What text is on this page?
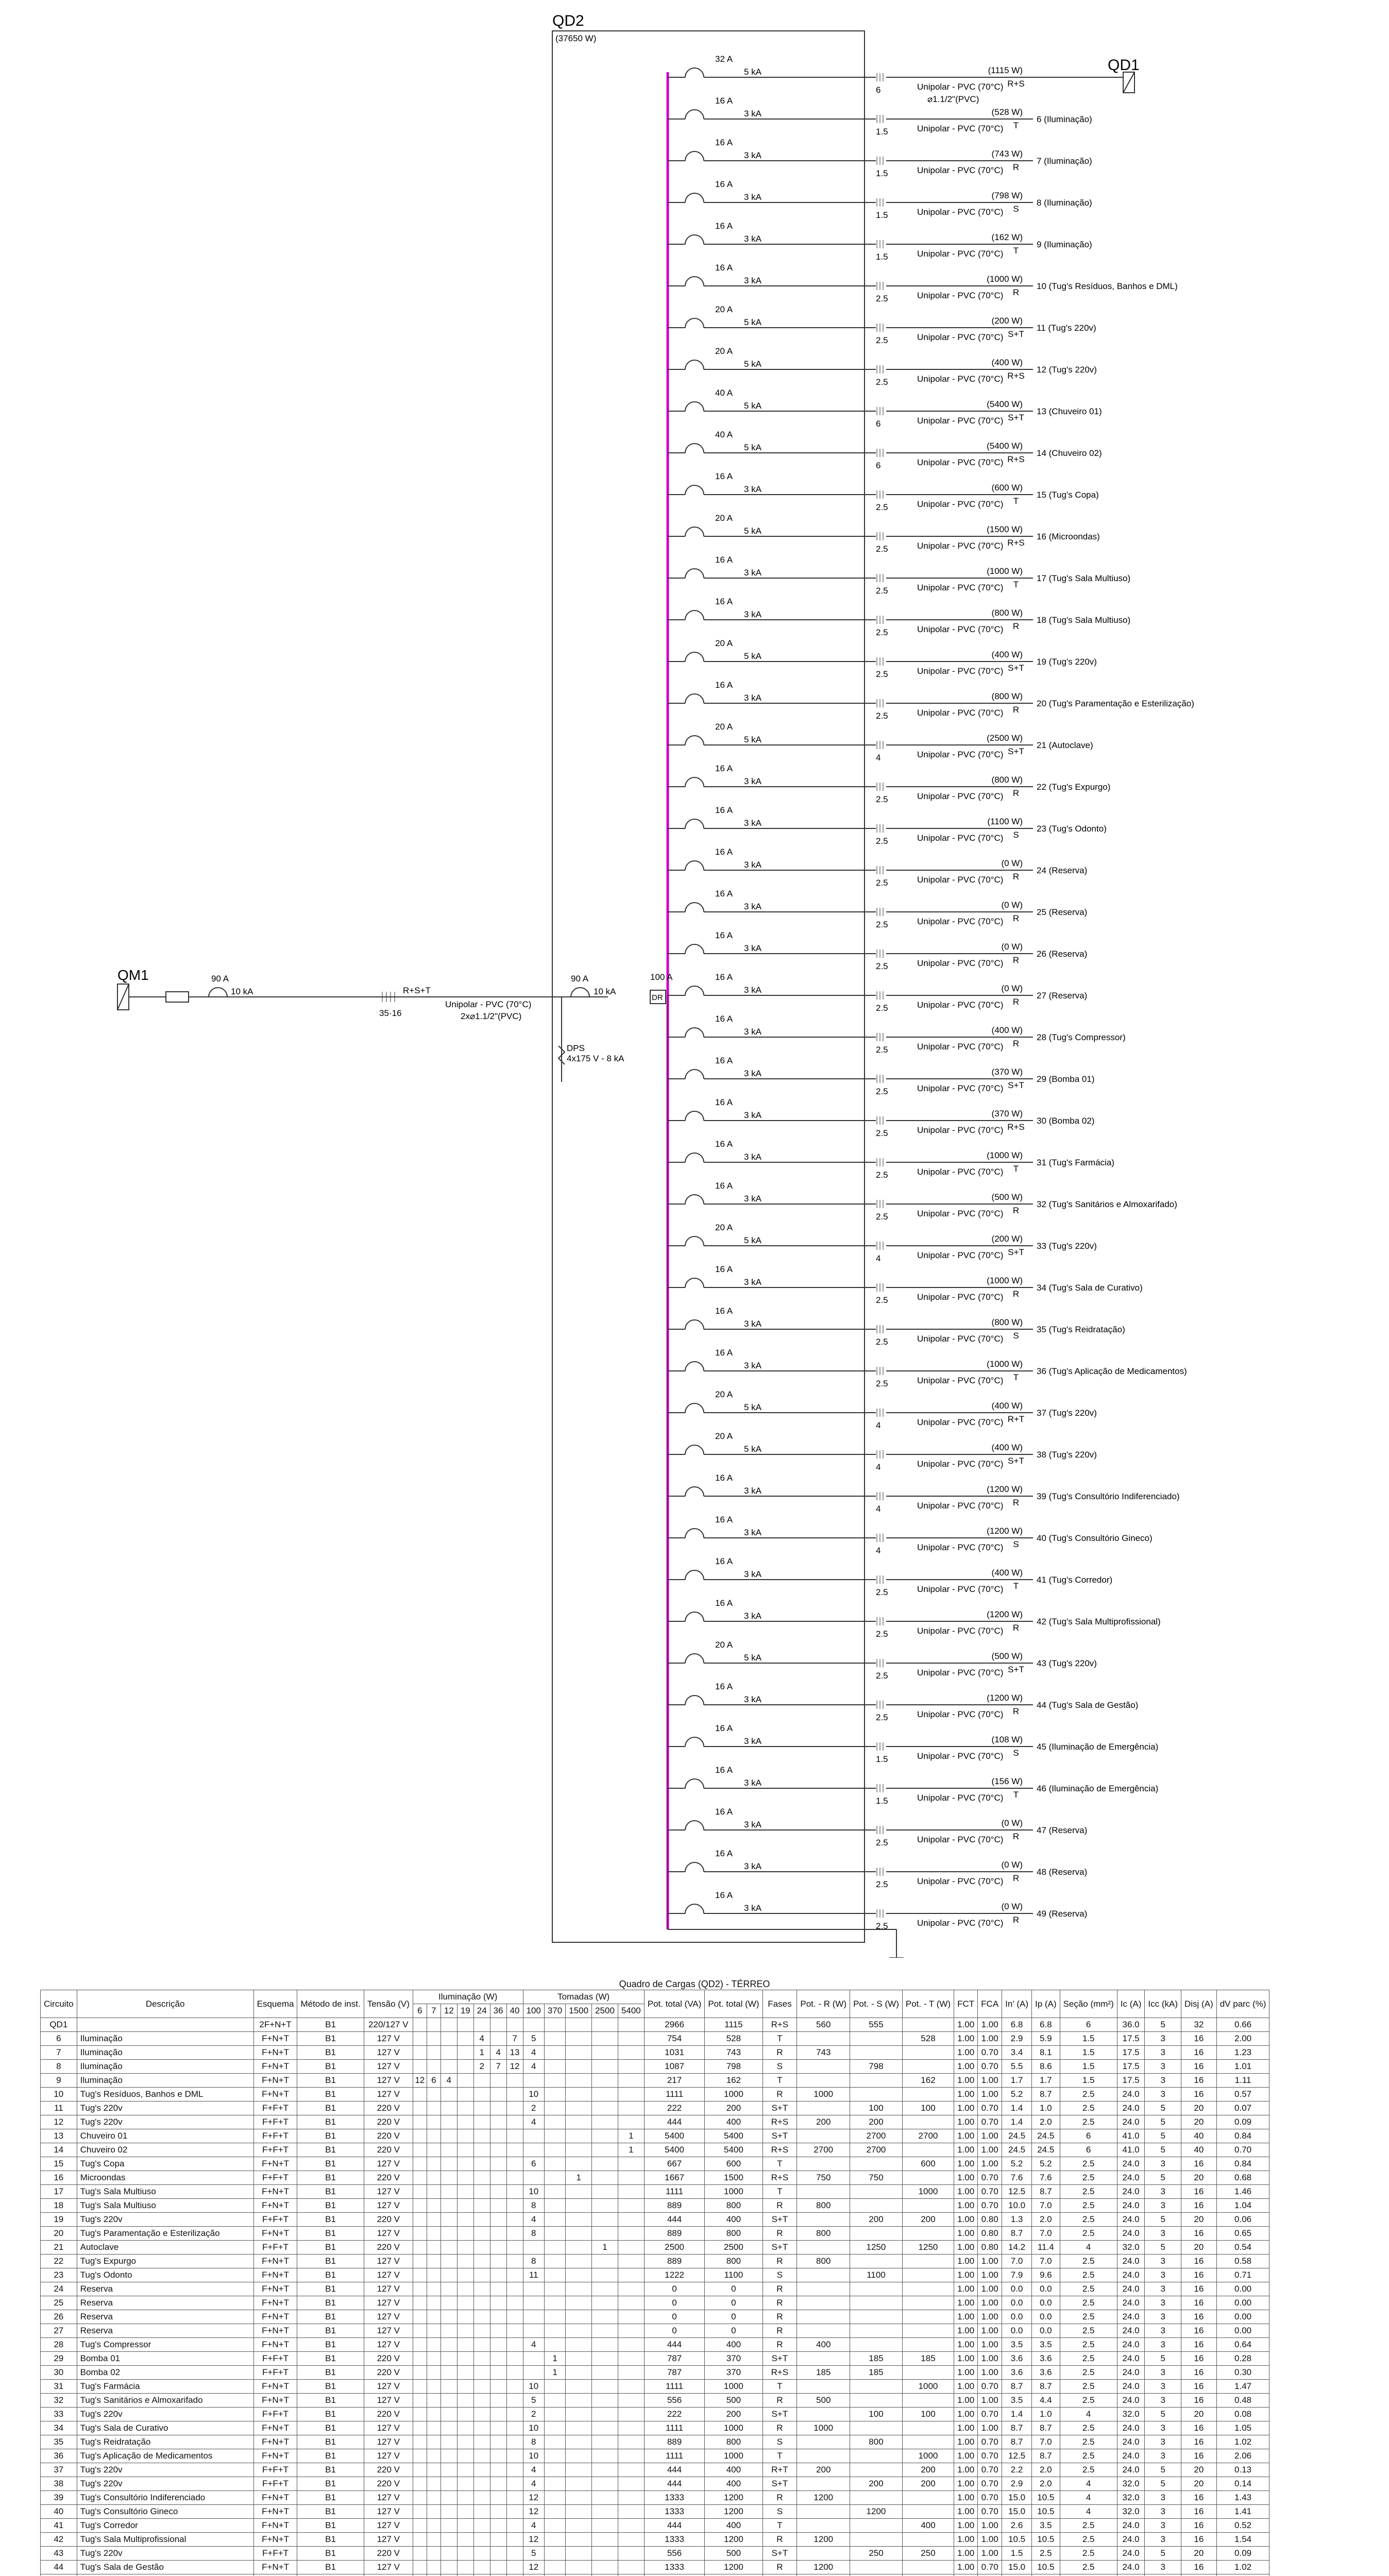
QD2
(37650 W)
QM1	90 A
10 kA	R+S+T
35·16
Unipolar - PVC (70°C)
2x⌀1.1/2"(PVC)
90 A
10 kA
DR
100 A
DPS
4x175 V - 8 kA
QD1
⌀1.1/2"(PVC)
32 A
5 kA
6	Unipolar - PVC (70°C)
(1115 W)
R+S
16 A
3 kA
1.5	Unipolar - PVC (70°C)
(528 W)
T
6 (Iluminação)
16 A
3 kA
1.5	Unipolar - PVC (70°C)
(743 W)
R
7 (Iluminação)
16 A
3 kA
1.5	Unipolar - PVC (70°C)
(798 W)
S
8 (Iluminação)
16 A
3 kA
1.5	Unipolar - PVC (70°C)
(162 W)
T
9 (Iluminação)
16 A
3 kA
2.5	Unipolar - PVC (70°C)
(1000 W)
R
10 (Tug's Resíduos, Banhos e DML)
20 A
5 kA
2.5	Unipolar - PVC (70°C)
(200 W)
S+T
11 (Tug's 220v)
20 A
5 kA
2.5	Unipolar - PVC (70°C)
(400 W)
R+S
12 (Tug's 220v)
40 A
5 kA
6	Unipolar - PVC (70°C)
(5400 W)
S+T
13 (Chuveiro 01)
40 A
5 kA
6	Unipolar - PVC (70°C)
(5400 W)
R+S
14 (Chuveiro 02)
16 A
3 kA
2.5	Unipolar - PVC (70°C)
(600 W)
T
15 (Tug's Copa)
20 A
5 kA
2.5	Unipolar - PVC (70°C)
(1500 W)
R+S
16 (Microondas)
16 A
3 kA
2.5	Unipolar - PVC (70°C)
(1000 W)
T
17 (Tug's Sala Multiuso)
16 A
3 kA
2.5	Unipolar - PVC (70°C)
(800 W)
R
18 (Tug's Sala Multiuso)
20 A
5 kA
2.5	Unipolar - PVC (70°C)
(400 W)
S+T
19 (Tug's 220v)
16 A
3 kA
2.5	Unipolar - PVC (70°C)
(800 W)
R
20 (Tug's Paramentação e Esterilização)
20 A
5 kA
4	Unipolar - PVC (70°C)
(2500 W)
S+T
21 (Autoclave)
16 A
3 kA
2.5	Unipolar - PVC (70°C)
(800 W)
R
22 (Tug's Expurgo)
16 A
3 kA
2.5	Unipolar - PVC (70°C)
(1100 W)
S
23 (Tug's Odonto)
16 A
3 kA
2.5	Unipolar - PVC (70°C)
(0 W)
R
24 (Reserva)
16 A
3 kA
2.5	Unipolar - PVC (70°C)
(0 W)
R
25 (Reserva)
16 A
3 kA
2.5	Unipolar - PVC (70°C)
(0 W)
R
26 (Reserva)
16 A
3 kA
2.5	Unipolar - PVC (70°C)
(0 W)
R
27 (Reserva)
16 A
3 kA
2.5	Unipolar - PVC (70°C)
(400 W)
R
28 (Tug's Compressor)
16 A
3 kA
2.5	Unipolar - PVC (70°C)
(370 W)
S+T
29 (Bomba 01)
16 A
3 kA
2.5	Unipolar - PVC (70°C)
(370 W)
R+S
30 (Bomba 02)
16 A
3 kA
2.5	Unipolar - PVC (70°C)
(1000 W)
T
31 (Tug's Farmácia)
16 A
3 kA
2.5	Unipolar - PVC (70°C)
(500 W)
R
32 (Tug's Sanitários e Almoxarifado)
20 A
5 kA
4	Unipolar - PVC (70°C)
(200 W)
S+T
33 (Tug's 220v)
16 A
3 kA
2.5	Unipolar - PVC (70°C)
(1000 W)
R
34 (Tug's Sala de Curativo)
16 A
3 kA
2.5	Unipolar - PVC (70°C)
(800 W)
S
35 (Tug's Reidratação)
16 A
3 kA
2.5	Unipolar - PVC (70°C)
(1000 W)
T
36 (Tug's Aplicação de Medicamentos)
20 A
5 kA
4	Unipolar - PVC (70°C)
(400 W)
R+T
37 (Tug's 220v)
20 A
5 kA
4	Unipolar - PVC (70°C)
(400 W)
S+T
38 (Tug's 220v)
16 A
3 kA
4	Unipolar - PVC (70°C)
(1200 W)
R
39 (Tug's Consultório Indiferenciado)
16 A
3 kA
4	Unipolar - PVC (70°C)
(1200 W)
S
40 (Tug's Consultório Gineco)
16 A
3 kA
2.5	Unipolar - PVC (70°C)
(400 W)
T
41 (Tug's Corredor)
16 A
3 kA
2.5	Unipolar - PVC (70°C)
(1200 W)
R
42 (Tug's Sala Multiprofissional)
20 A
5 kA
2.5	Unipolar - PVC (70°C)
(500 W)
S+T
43 (Tug's 220v)
16 A
3 kA
2.5	Unipolar - PVC (70°C)
(1200 W)
R
44 (Tug's Sala de Gestão)
16 A
3 kA
1.5	Unipolar - PVC (70°C)
(108 W)
S
45 (Iluminação de Emergência)
16 A
3 kA
1.5	Unipolar - PVC (70°C)
(156 W)
T
46 (Iluminação de Emergência)
16 A
3 kA
2.5	Unipolar - PVC (70°C)
(0 W)
R
47 (Reserva)
16 A
3 kA
2.5	Unipolar - PVC (70°C)
(0 W)
R
48 (Reserva)
16 A
3 kA
2.5	Unipolar - PVC (70°C)
(0 W)
R
49 (Reserva)
Quadro de Cargas (QD2) - TÉRREO
Circuito	Descrição	Esquema	Método de inst.	Tensão (V)	Iluminação (W)							Tomadas (W)					Pot. total (VA)	Pot. total (W)	Fases	Pot. - R (W)	Pot. - S (W)	Pot. - T (W)	FCT	FCA	In' (A)	Ip (A)	Seção (mm²)	Ic (A)	Icc (kA)	Disj (A)	dV parc (%)
					6	7	12	19	24	36	40	100	370	1500	2500	5400															
QD1		2F+N+T	B1	220/127 V													2966	1115	R+S	560	555		1.00	1.00	6.8	6.8	6	36.0	5	32	0.66
6	Iluminação	F+N+T	B1	127 V					4		7	5					754	528	T			528	1.00	1.00	2.9	5.9	1.5	17.5	3	16	2.00
7	Iluminação	F+N+T	B1	127 V					1	4	13	4					1031	743	R	743			1.00	0.70	3.4	8.1	1.5	17.5	3	16	1.23
8	Iluminação	F+N+T	B1	127 V					2	7	12	4					1087	798	S		798		1.00	0.70	5.5	8.6	1.5	17.5	3	16	1.01
9	Iluminação	F+N+T	B1	127 V	12	6	4										217	162	T			162	1.00	1.00	1.7	1.7	1.5	17.5	3	16	1.11
10	Tug's Resíduos, Banhos e DML	F+N+T	B1	127 V								10					1111	1000	R	1000			1.00	1.00	5.2	8.7	2.5	24.0	3	16	0.57
11	Tug's 220v	F+F+T	B1	220 V								2					222	200	S+T		100	100	1.00	0.70	1.4	1.0	2.5	24.0	5	20	0.07
12	Tug's 220v	F+F+T	B1	220 V								4					444	400	R+S	200	200		1.00	0.70	1.4	2.0	2.5	24.0	5	20	0.09
13	Chuveiro 01	F+F+T	B1	220 V												1	5400	5400	S+T		2700	2700	1.00	1.00	24.5	24.5	6	41.0	5	40	0.84
14	Chuveiro 02	F+F+T	B1	220 V												1	5400	5400	R+S	2700	2700		1.00	1.00	24.5	24.5	6	41.0	5	40	0.70
15	Tug's Copa	F+N+T	B1	127 V								6					667	600	T			600	1.00	1.00	5.2	5.2	2.5	24.0	3	16	0.84
16	Microondas	F+F+T	B1	220 V										1			1667	1500	R+S	750	750		1.00	0.70	7.6	7.6	2.5	24.0	5	20	0.68
17	Tug's Sala Multiuso	F+N+T	B1	127 V								10					1111	1000	T			1000	1.00	0.70	12.5	8.7	2.5	24.0	3	16	1.46
18	Tug's Sala Multiuso	F+N+T	B1	127 V								8					889	800	R	800			1.00	0.70	10.0	7.0	2.5	24.0	3	16	1.04
19	Tug's 220v	F+F+T	B1	220 V								4					444	400	S+T		200	200	1.00	0.80	1.3	2.0	2.5	24.0	5	20	0.06
20	Tug's Paramentação e Esterilização	F+N+T	B1	127 V								8					889	800	R	800			1.00	0.80	8.7	7.0	2.5	24.0	3	16	0.65
21	Autoclave	F+F+T	B1	220 V											1		2500	2500	S+T		1250	1250	1.00	0.80	14.2	11.4	4	32.0	5	20	0.54
22	Tug's Expurgo	F+N+T	B1	127 V								8					889	800	R	800			1.00	1.00	7.0	7.0	2.5	24.0	3	16	0.58
23	Tug's Odonto	F+N+T	B1	127 V								11					1222	1100	S		1100		1.00	1.00	7.9	9.6	2.5	24.0	3	16	0.71
24	Reserva	F+N+T	B1	127 V													0	0	R				1.00	1.00	0.0	0.0	2.5	24.0	3	16	0.00
25	Reserva	F+N+T	B1	127 V													0	0	R				1.00	1.00	0.0	0.0	2.5	24.0	3	16	0.00
26	Reserva	F+N+T	B1	127 V													0	0	R				1.00	1.00	0.0	0.0	2.5	24.0	3	16	0.00
27	Reserva	F+N+T	B1	127 V													0	0	R				1.00	1.00	0.0	0.0	2.5	24.0	3	16	0.00
28	Tug's Compressor	F+N+T	B1	127 V								4					444	400	R	400			1.00	1.00	3.5	3.5	2.5	24.0	3	16	0.64
29	Bomba 01	F+F+T	B1	220 V									1				787	370	S+T		185	185	1.00	1.00	3.6	3.6	2.5	24.0	5	16	0.28
30	Bomba 02	F+F+T	B1	220 V									1				787	370	R+S	185	185		1.00	1.00	3.6	3.6	2.5	24.0	3	16	0.30
31	Tug's Farmácia	F+N+T	B1	127 V								10					1111	1000	T			1000	1.00	0.70	8.7	8.7	2.5	24.0	3	16	1.47
32	Tug's Sanitários e Almoxarifado	F+N+T	B1	127 V								5					556	500	R	500			1.00	1.00	3.5	4.4	2.5	24.0	3	16	0.48
33	Tug's 220v	F+F+T	B1	220 V								2					222	200	S+T		100	100	1.00	0.70	1.4	1.0	4	32.0	5	20	0.08
34	Tug's Sala de Curativo	F+N+T	B1	127 V								10					1111	1000	R	1000			1.00	1.00	8.7	8.7	2.5	24.0	3	16	1.05
35	Tug's Reidratação	F+N+T	B1	127 V								8					889	800	S		800		1.00	0.70	8.7	7.0	2.5	24.0	3	16	1.02
36	Tug's Aplicação de Medicamentos	F+N+T	B1	127 V								10					1111	1000	T			1000	1.00	0.70	12.5	8.7	2.5	24.0	3	16	2.06
37	Tug's 220v	F+F+T	B1	220 V								4					444	400	R+T	200		200	1.00	0.70	2.2	2.0	2.5	24.0	5	20	0.13
38	Tug's 220v	F+F+T	B1	220 V								4					444	400	S+T		200	200	1.00	0.70	2.9	2.0	4	32.0	5	20	0.14
39	Tug's Consultório Indiferenciado	F+N+T	B1	127 V								12					1333	1200	R	1200			1.00	0.70	15.0	10.5	4	32.0	3	16	1.43
40	Tug's Consultório Gineco	F+N+T	B1	127 V								12					1333	1200	S		1200		1.00	0.70	15.0	10.5	4	32.0	3	16	1.41
41	Tug's Corredor	F+N+T	B1	127 V								4					444	400	T			400	1.00	1.00	2.6	3.5	2.5	24.0	3	16	0.52
42	Tug's Sala Multiprofissional	F+N+T	B1	127 V								12					1333	1200	R	1200			1.00	1.00	10.5	10.5	2.5	24.0	3	16	1.54
43	Tug's 220v	F+F+T	B1	220 V								5					556	500	S+T		250	250	1.00	1.00	1.5	2.5	2.5	24.0	5	20	0.09
44	Tug's Sala de Gestão	F+N+T	B1	127 V								12					1333	1200	R	1200			1.00	0.70	15.0	10.5	2.5	24.0	3	16	1.02
